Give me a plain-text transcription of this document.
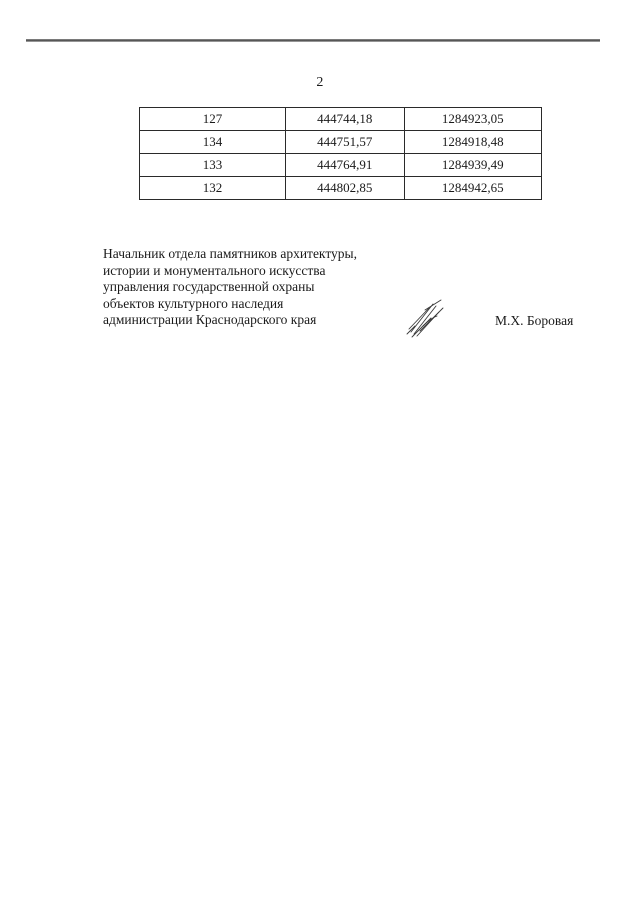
2
127	444744,18	1284923,05
134	444751,57	1284918,48
133	444764,91	1284939,49
132	444802,85	1284942,65
Начальник отдела памятников архитектуры,
истории и монументального искусства
управления государственной охраны
объектов культурного наследия
администрации Краснодарского края	М.Х. Боровая
